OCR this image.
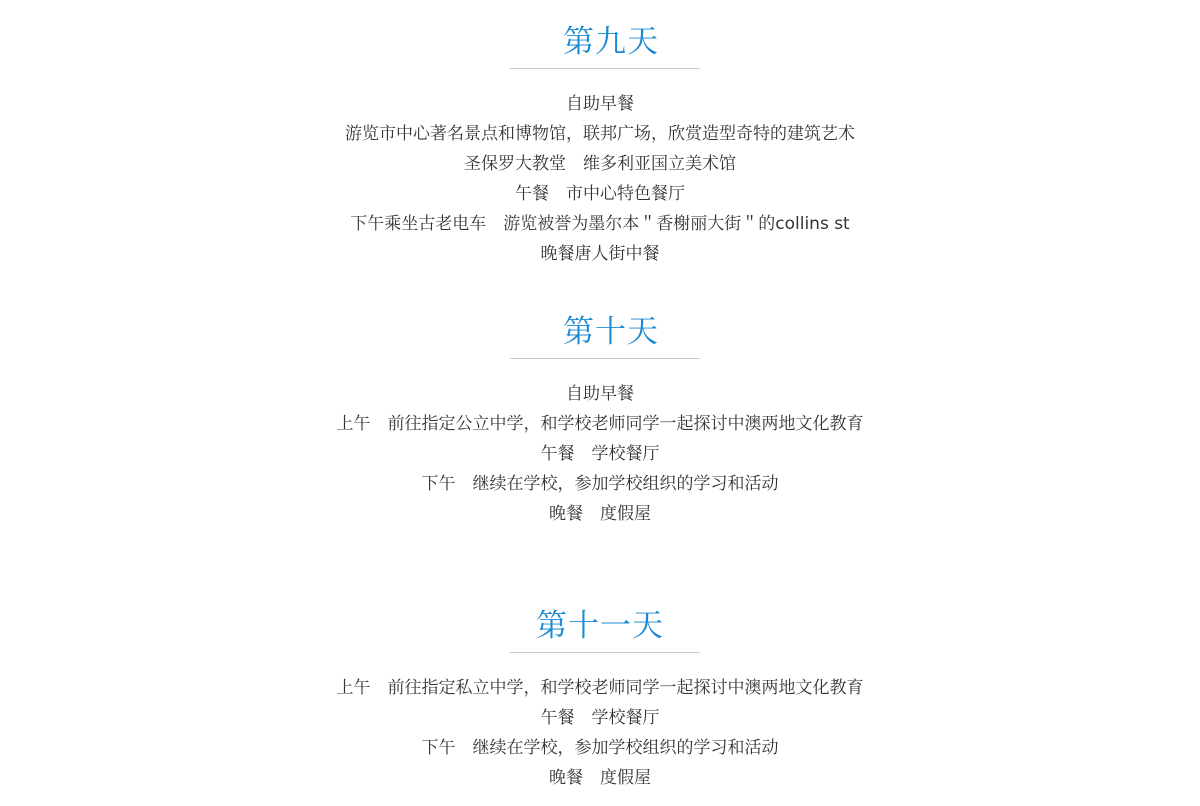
第九天
自助早餐
游览市中心著名景点和博物馆，联邦广场，欣赏造型奇特的建筑艺术
圣保罗大教堂　维多利亚国立美术馆
午餐　市中心特色餐厅
下午乘坐古老电车　游览被誉为墨尔本＂香榭丽大街＂的collins st
晚餐唐人街中餐
第十天
自助早餐
上午　前往指定公立中学，和学校老师同学一起探讨中澳两地文化教育
午餐　学校餐厅
下午　继续在学校，参加学校组织的学习和活动
晚餐　度假屋
第十一天
上午　前往指定私立中学，和学校老师同学一起探讨中澳两地文化教育
午餐　学校餐厅
下午　继续在学校，参加学校组织的学习和活动
晚餐　度假屋
